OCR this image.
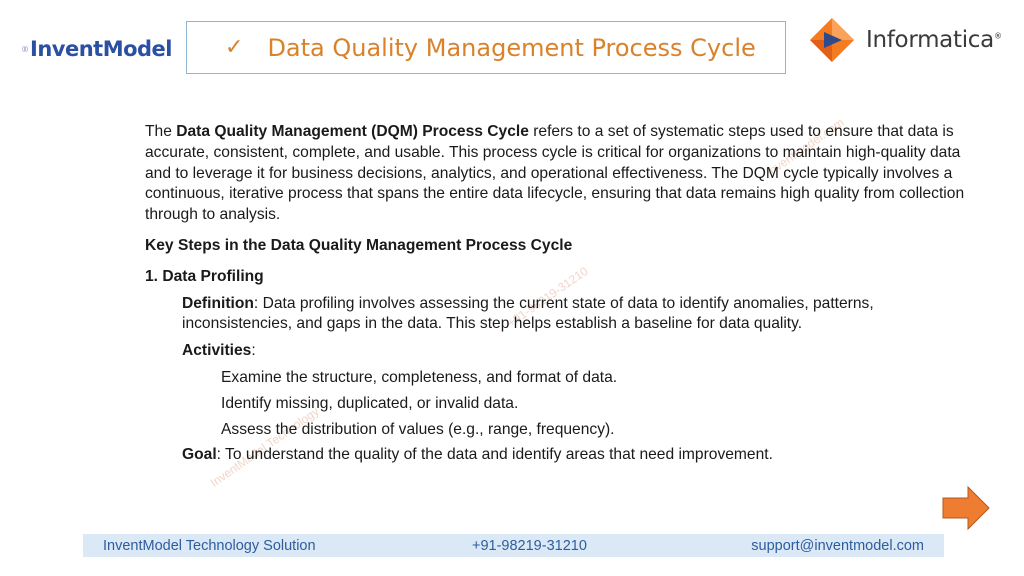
InventModel ✓ Data Quality Management Process Cycle	Informatica®
inventmodel.com
+91-98219-31210
InventModel Technology

The Data Quality Management (DQM) Process Cycle refers to a set of systematic steps used to ensure that data is accurate, consistent, complete, and usable. This process cycle is critical for organizations to maintain high-quality data and to leverage it for business decisions, analytics, and operational effectiveness. The DQM cycle typically involves a continuous, iterative process that spans the entire data lifecycle, ensuring that data remains high quality from collection through to analysis.

Key Steps in the Data Quality Management Process Cycle

1. Data Profiling

Definition: Data profiling involves assessing the current state of data to identify anomalies, patterns, inconsistencies, and gaps in the data. This step helps establish a baseline for data quality.

Activities:

Examine the structure, completeness, and format of data.

Identify missing, duplicated, or invalid data.

Assess the distribution of values (e.g., range, frequency).

Goal: To understand the quality of the data and identify areas that need improvement.

InventModel Technology Solution	+91-98219-31210	support@inventmodel.com
